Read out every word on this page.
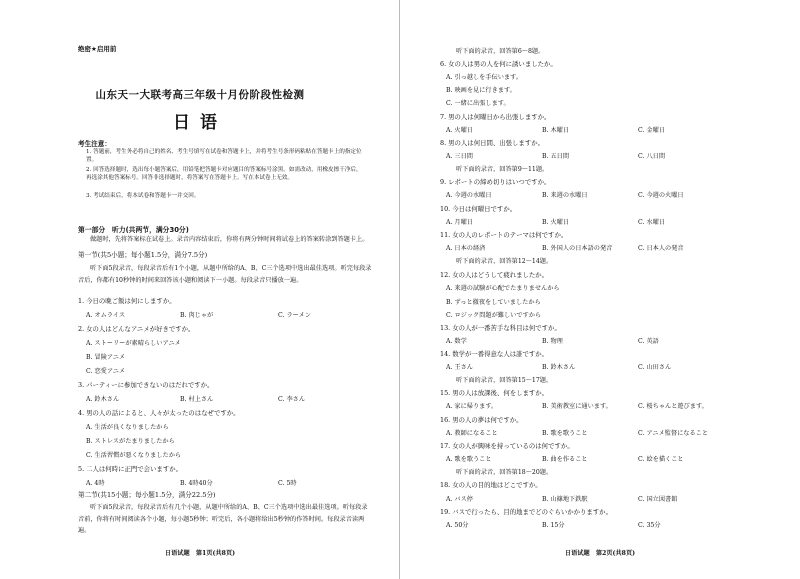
绝密★启用前
山东天一大联考高三年级十月份阶段性检测
日语
考生注意：
1. 答题前，考生务必将自己的姓名、考生号填写在试卷和答题卡上，并将考生号条形码粘贴在答题卡上的指定位置。
2. 回答选择题时，选出每小题答案后，用铅笔把答题卡对应题目的答案标号涂黑。如需改动，用橡皮擦干净后，再选涂其他答案标号。回答非选择题时，将答案写在答题卡上。写在本试卷上无效。
3. 考试结束后，将本试卷和答题卡一并交回。
第一部分　听力(共两节，满分30分)
做题时，先将答案标在试卷上。录音内容结束后，你将有两分钟时间将试卷上的答案转涂到答题卡上。
第一节(共5小题；每小题1.5分，满分7.5分)
听下面5段录音，每段录音后有1个小题，从题中所给的A、B、C三个选项中选出最佳选项。听完每段录音后，你都有10秒钟的时间来回答该小题和阅读下一小题。每段录音只播放一遍。
1. 今日の晩ご飯は何にしますか。
A. オムライス	B. 肉じゃが	C. ラーメン
2. 女の人はどんなアニメが好きですか。
A. ストーリーが素晴らしいアニメ
B. 冒険アニメ
C. 恋愛アニメ
3. パーティーに参加できないのはだれですか。
A. 鈴木さん	B. 村上さん	C. 李さん
4. 男の人の話によると、人々が太ったのはなぜですか。
A. 生活が良くなりましたから
B. ストレスがたまりましたから
C. 生活習慣が悪くなりましたから
5. 二人は何時に正門で会いますか。
A. 4時	B. 4時40分	C. 5時
第二节(共15小题；每小题1.5分，满分22.5分)
听下面5段录音，每段录音后有几个小题，从题中所给的A、B、C三个选项中选出最佳选项。听每段录音前，你将有时间阅读各个小题，每小题5秒钟；听完后，各小题将给出5秒钟的作答时间。每段录音读两遍。
日语试题　第1页(共8页)
听下面的录音，回答第6～8题。
6. 女の人は男の人を何に誘いましたか。
A. 引っ越しを手伝います。
B. 映画を見に行きます。
C. 一緒に出張します。
7. 男の人は何曜日から出張しますか。
A. 火曜日	B. 木曜日	C. 金曜日
8. 男の人は何日間、出張しますか。
A. 三日間	B. 五日間	C. 八日間
听下面的录音，回答第9～11题。
9. レポートの締め切りはいつですか。
A. 今週の水曜日	B. 来週の水曜日	C. 今週の火曜日
10. 今日は何曜日ですか。
A. 月曜日	B. 火曜日	C. 水曜日
11. 女の人のレポートのテーマは何ですか。
A. 日本の経済	B. 外国人の日本語の発音	C. 日本人の発音
听下面的录音，回答第12～14题。
12. 女の人はどうして疲れましたか。
A. 来週の試験が心配でたまりませんから
B. ずっと徹夜をしていましたから
C. ロジック問題が難しいですから
13. 女の人が一番苦手な科目は何ですか。
A. 数学	B. 物理	C. 英語
14. 数学が一番得意な人は誰ですか。
A. 王さん	B. 鈴木さん	C. 山田さん
听下面的录音，回答第15～17题。
15. 男の人は放課後、何をしますか。
A. 家に帰ります。	B. 美術教室に通います。	C. 桜ちゃんと遊びます。
16. 男の人の夢は何ですか。
A. 教師になること	B. 歌を歌うこと	C. アニメ監督になること
17. 女の人が興味を持っているのは何ですか。
A. 歌を歌うこと	B. 曲を作ること	C. 絵を描くこと
听下面的录音，回答第18～20题。
18. 女の人の目的地はどこですか。
A. バス停	B. 山篠地下鉄駅	C. 国立図書館
19. バスで行ったら、目的地までどのぐらいかかりますか。
A. 50分	B. 15分	C. 35分
日语试题　第2页(共8页)
